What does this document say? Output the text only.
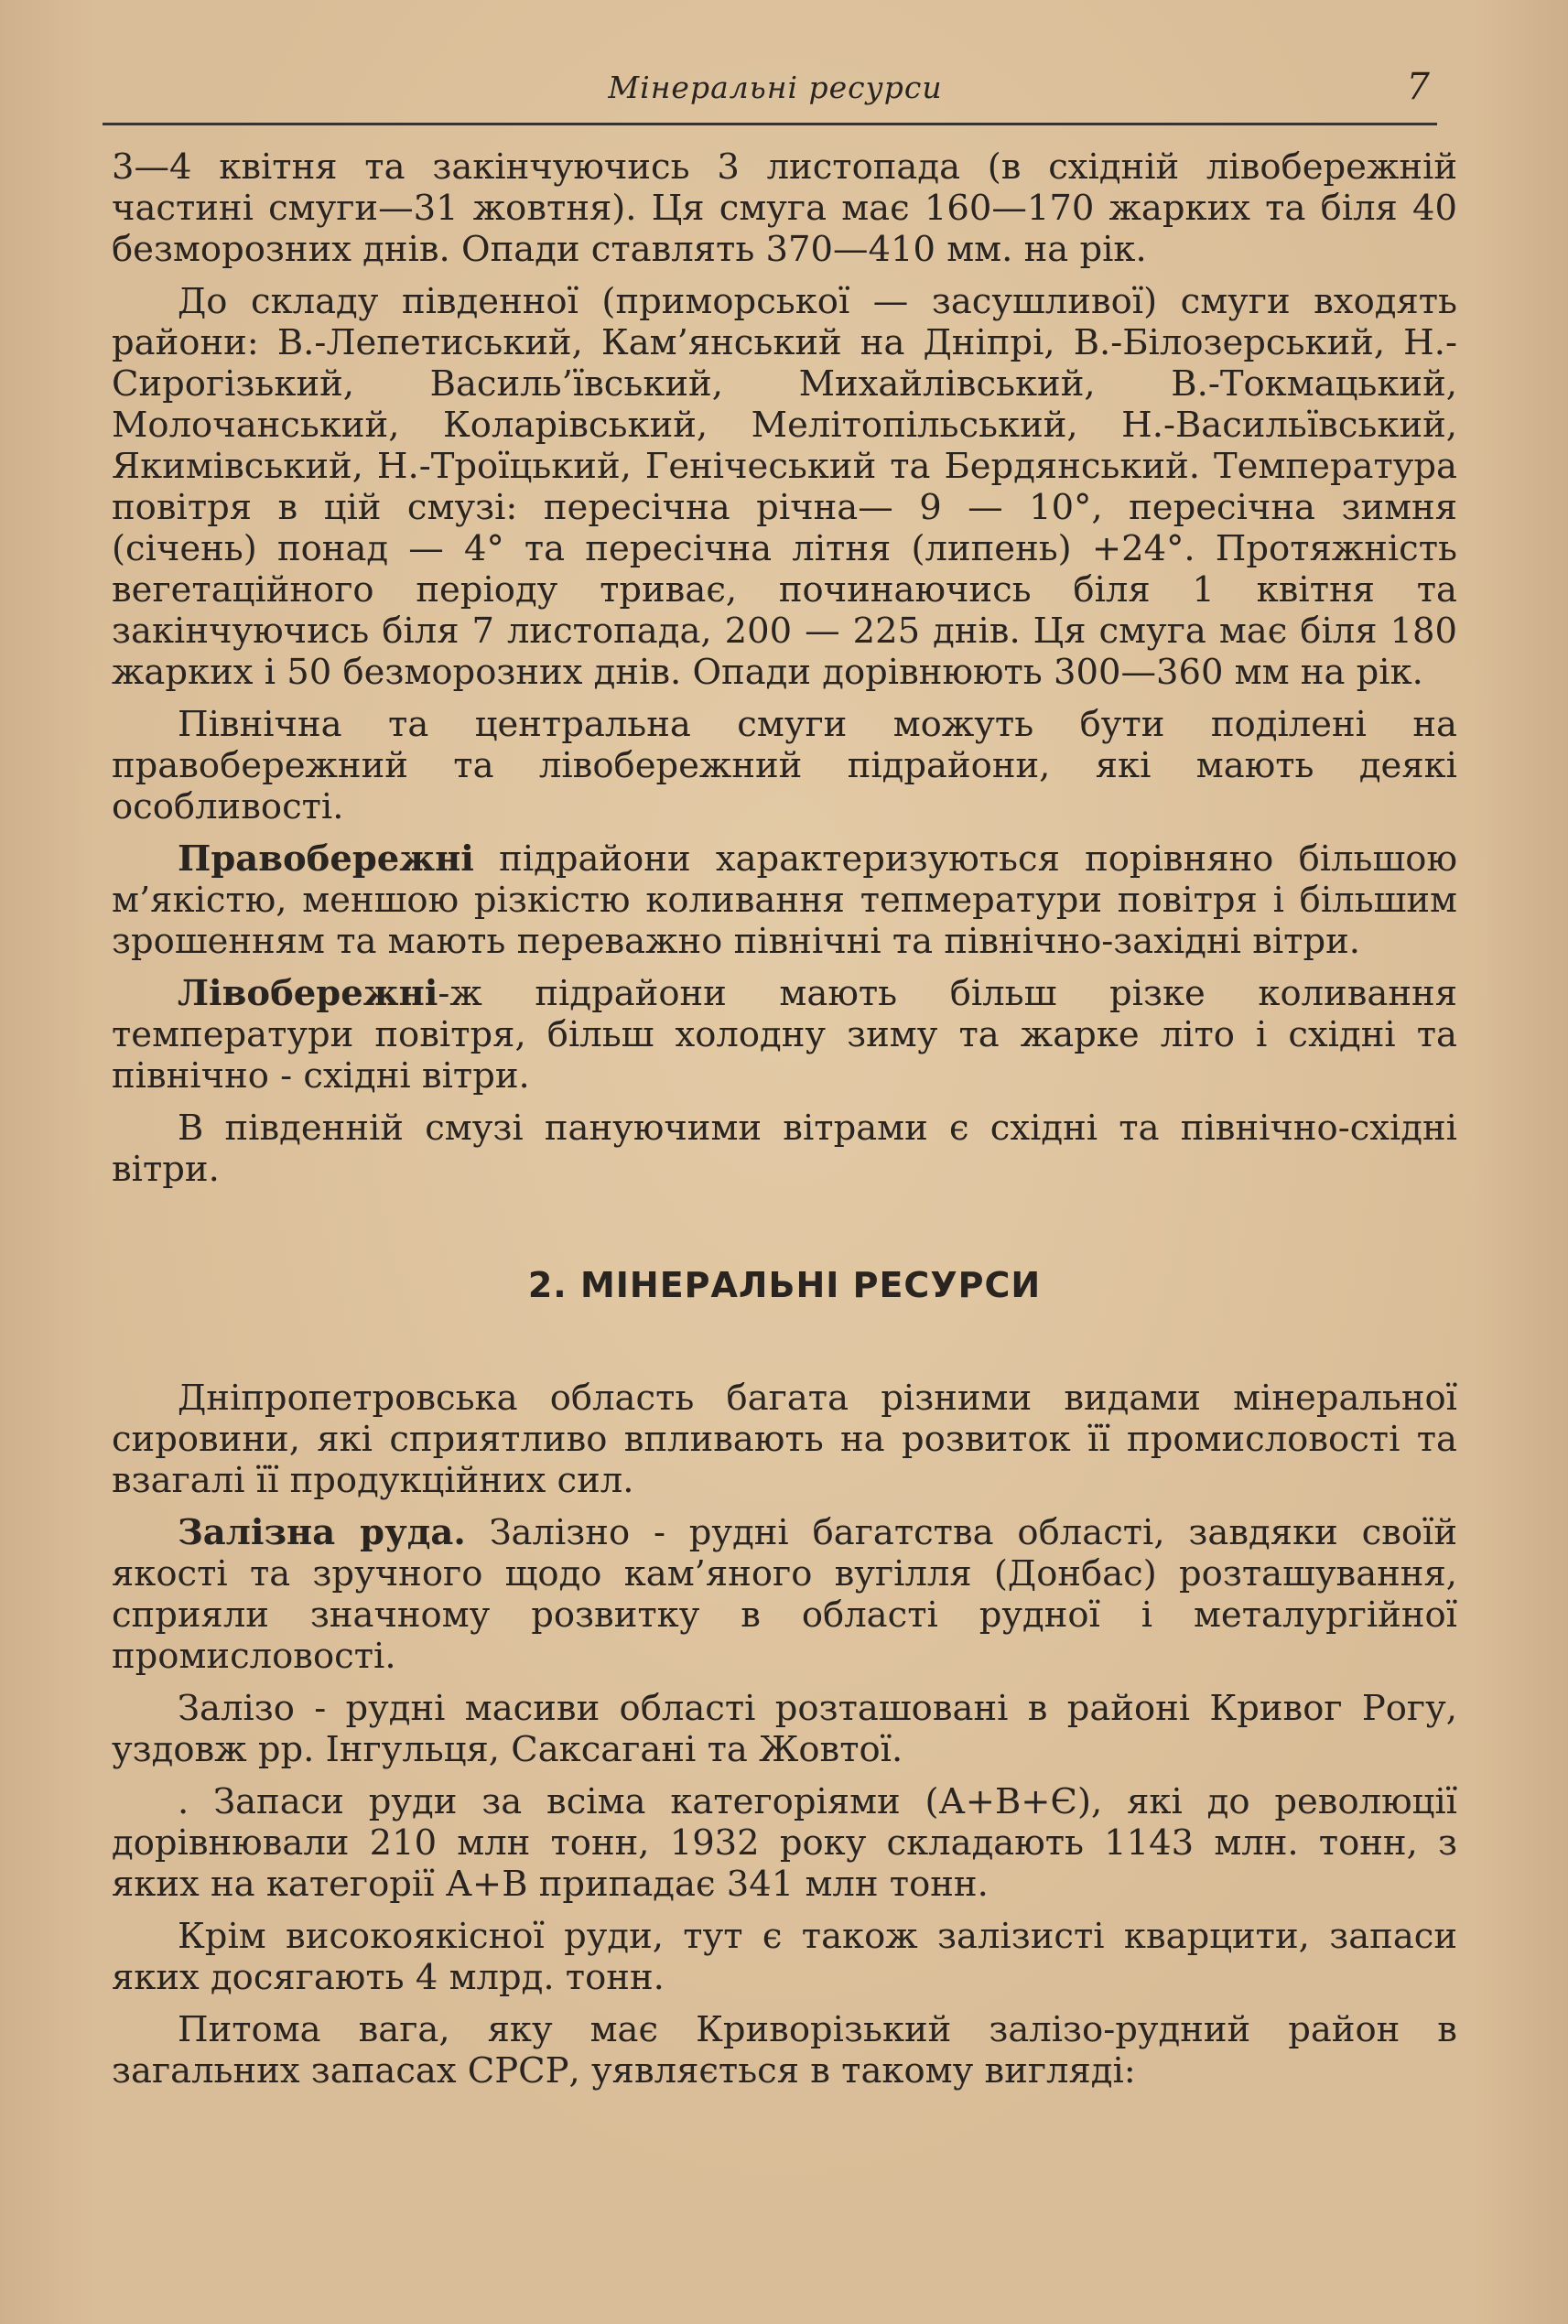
Мінеральні ресурси	7

3—4 квітня та закінчуючись 3 листопада (в східній лівобережній частині смуги—31 жовтня). Ця смуга має 160—170 жарких та біля 40 безморозних днів. Опади ставлять 370—410 мм. на рік.

До складу південної (приморської — засушливої) смуги входять райони: В.-Лепетиський, Кам’янський на Дніпрі, В.-Білозерський, Н.-Сирогізький, Василь’ївський, Михайлівський, В.-Токмацький, Молочанський, Коларівський, Мелітопільський, Н.-Васильївський, Якимівський, Н.-Троїцький, Генічеський та Бердянський. Температура повітря в цій смузі: пересічна річна— 9 — 10°, пересічна зимня (січень) понад — 4° та пересічна літня (липень) +24°. Протяжність вегетаційного періоду триває, починаючись біля 1 квітня та закінчуючись біля 7 листопада, 200 — 225 днів. Ця смуга має біля 180 жарких і 50 безморозних днів. Опади дорівнюють 300—360 мм на рік.

Північна та центральна смуги можуть бути поділені на правобережний та лівобережний підрайони, які мають деякі особливості.

Правобережні підрайони характеризуються порівняно більшою м’якістю, меншою різкістю коливання тепмератури повітря і більшим зрошенням та мають переважно північні та північно-західні вітри.

Лівобережні-ж підрайони мають більш різке коливання температури повітря, більш холодну зиму та жарке літо і східні та північно - східні вітри.

В південній смузі пануючими вітрами є східні та північно-східні вітри.

2. МІНЕРАЛЬНІ РЕСУРСИ

Дніпропетровська область багата різними видами мінеральної сировини, які сприятливо впливають на розвиток її промисловості та взагалі її продукційних сил.

Залізна руда. Залізно - рудні багатства області, завдяки своїй якості та зручного щодо кам’яного вугілля (Донбас) розташування, сприяли значному розвитку в області рудної і металургійної промисловості.

Залізо - рудні масиви області розташовані в районі Кривог Рогу, уздовж рр. Інгульця, Саксагані та Жовтої.

. Запаси руди за всіма категоріями (А+В+Є), які до революції дорівнювали 210 млн тонн, 1932 року складають 1143 млн. тонн, з яких на категорії А+В припадає 341 млн тонн.

Крім високоякісної руди, тут є також залізисті кварцити, запаси яких досягають 4 млрд. тонн.

Питома вага, яку має Криворізький залізо-рудний район в загальних запасах СРСР, уявляється в такому вигляді:
